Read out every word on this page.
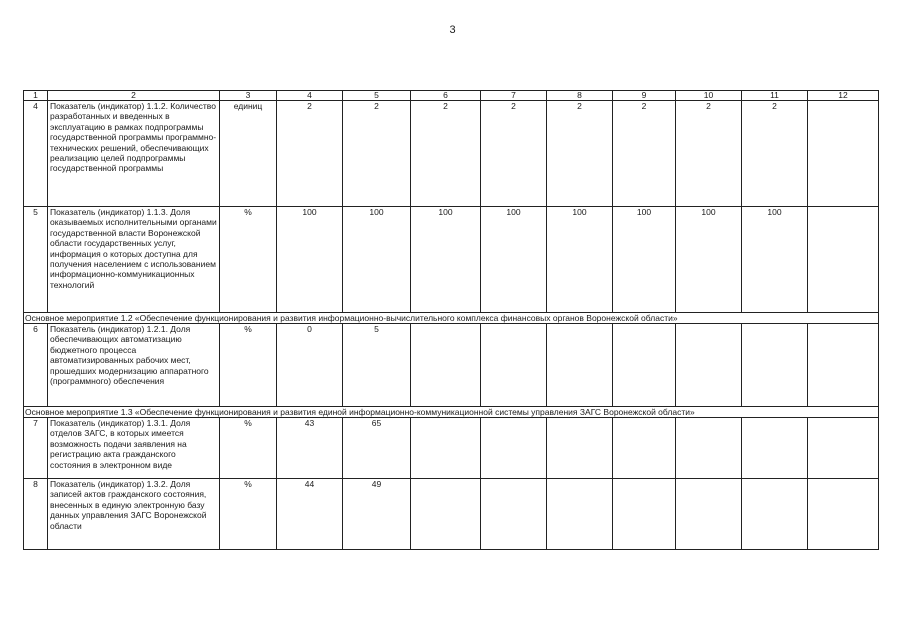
3
1	2	3	4	5	6	7	8	9	10	11	12
4	Показатель (индикатор) 1.1.2. Количество разработанных и введенных в эксплуатацию в рамках подпрограммы государственной программы программно-технических решений, обеспечивающих реализацию целей подпрограммы государственной программы	единиц	2	2	2	2	2	2	2	2	
5	Показатель (индикатор) 1.1.3. Доля оказываемых исполнительными органами государственной власти Воронежской области государственных услуг, информация о которых доступна для получения населением с использованием информационно-коммуникационных технологий	%	100	100	100	100	100	100	100	100	
Основное мероприятие 1.2 «Обеспечение функционирования и развития информационно-вычислительного комплекса финансовых органов Воронежской области»											
6	Показатель (индикатор) 1.2.1. Доля обеспечивающих автоматизацию бюджетного процесса автоматизированных рабочих мест, прошедших модернизацию аппаратного (программного) обеспечения	%	0	5							
Основное мероприятие 1.3 «Обеспечение функционирования и развития единой информационно-коммуникационной системы управления ЗАГС Воронежской области»											
7	Показатель (индикатор) 1.3.1. Доля отделов ЗАГС, в которых имеется возможность подачи заявления на регистрацию акта гражданского состояния в электронном виде	%	43	65							
8	Показатель (индикатор) 1.3.2. Доля записей актов гражданского состояния, внесенных в единую электронную базу данных управления ЗАГС Воронежской области	%	44	49							
